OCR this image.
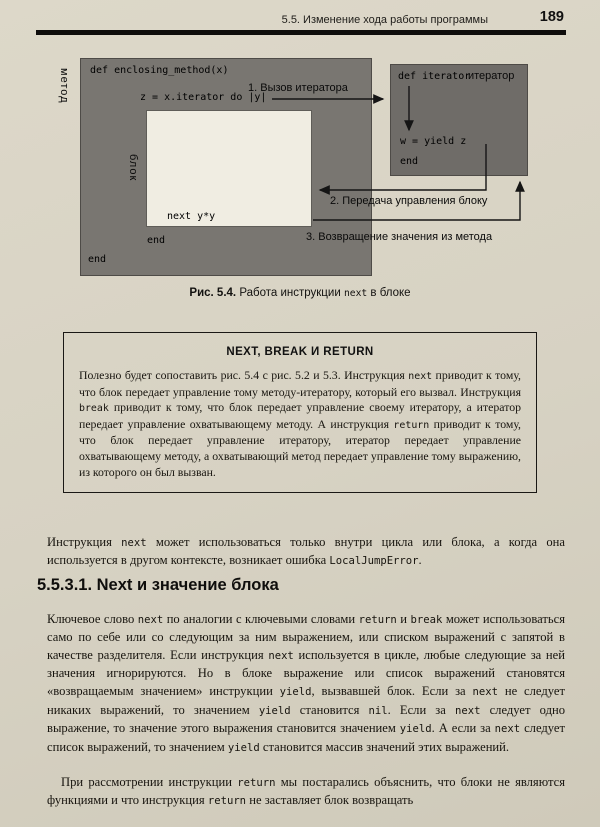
5.5. Изменение хода работы программы	189
метод def enclosing_method(x)
z = x.iterator do |y|
блок
next y*y
end
end
def iterator
итератор
w = yield z
end
1. Вызов итератора
2. Передача управления блоку
3. Возвращение значения из метода
Рис. 5.4. Работа инструкции next в блоке
NEXT, BREAK И RETURN
Полезно будет сопоставить рис. 5.4 с рис. 5.2 и 5.3. Инструкция next приводит к тому, что блок передает управление тому методу-итератору, который его вызвал. Инструкция break приводит к тому, что блок передает управление своему итератору, а итератор передает управление охватывающему методу. А инструкция return приводит к тому, что блок передает управление итератору, итератор передает управление охватывающему методу, а охватывающий метод передает управление тому выражению, из которого он был вызван.

Инструкция next может использоваться только внутри цикла или блока, а когда она используется в другом контексте, возникает ошибка LocalJumpError.

5.5.3.1. Next и значение блока

Ключевое слово next по аналогии с ключевыми словами return и break может использоваться само по себе или со следующим за ним выражением, или списком выражений с запятой в качестве разделителя. Если инструкция next используется в цикле, любые следующие за ней значения игнорируются. Но в блоке выражение или список выражений становятся «возвращаемым значением» инструкции yield, вызвавшей блок. Если за next не следует никаких выражений, то значением yield становится nil. Если за next следует одно выражение, то значение этого выражения становится значением yield. А если за next следует список выражений, то значением yield становится массив значений этих выражений.

При рассмотрении инструкции return мы постарались объяснить, что блоки не являются функциями и что инструкция return не заставляет блок возвращать
